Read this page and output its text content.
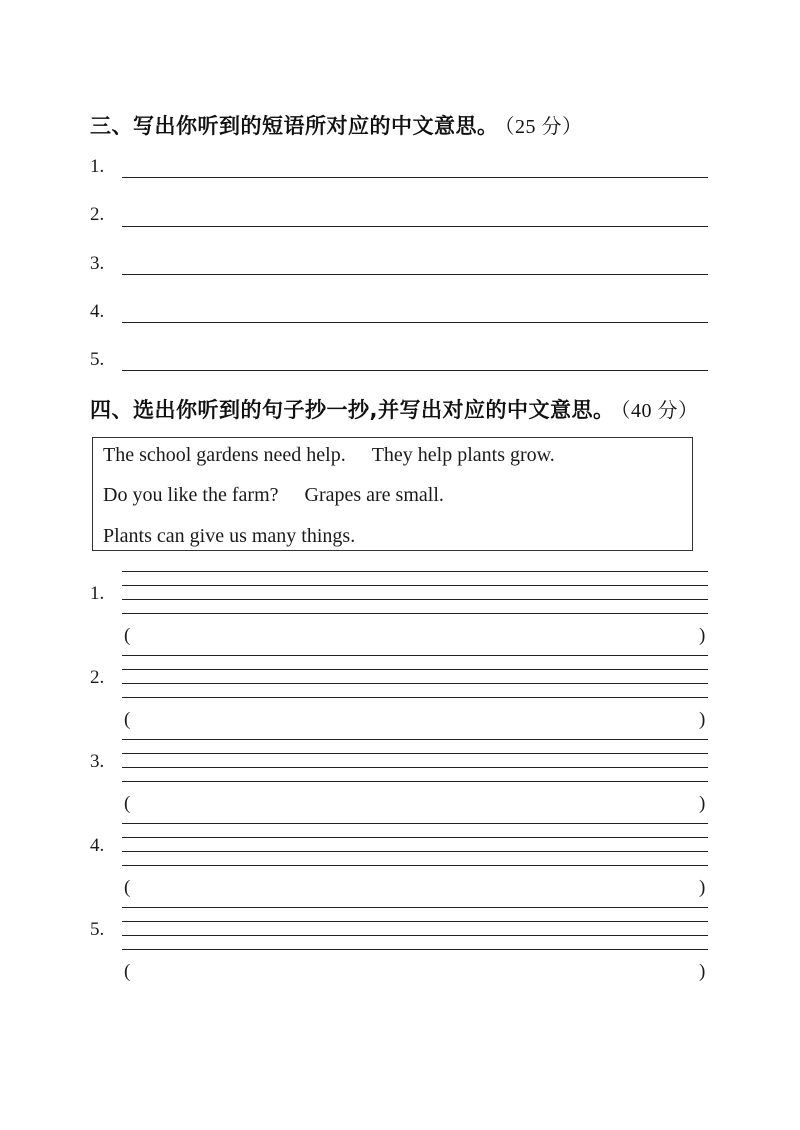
三、写出你听到的短语所对应的中文意思。 （25 分）
1.
2.
3.
4.
5.
四、选出你听到的句子抄一抄,并写出对应的中文意思。 （40 分）
The school gardens need help. They help plants grow.
Do you like the farm? Grapes are small.
Plants can give us many things.
1.
(	)
2.
(	)
3.
(	)
4.
(	)
5.
(	)
